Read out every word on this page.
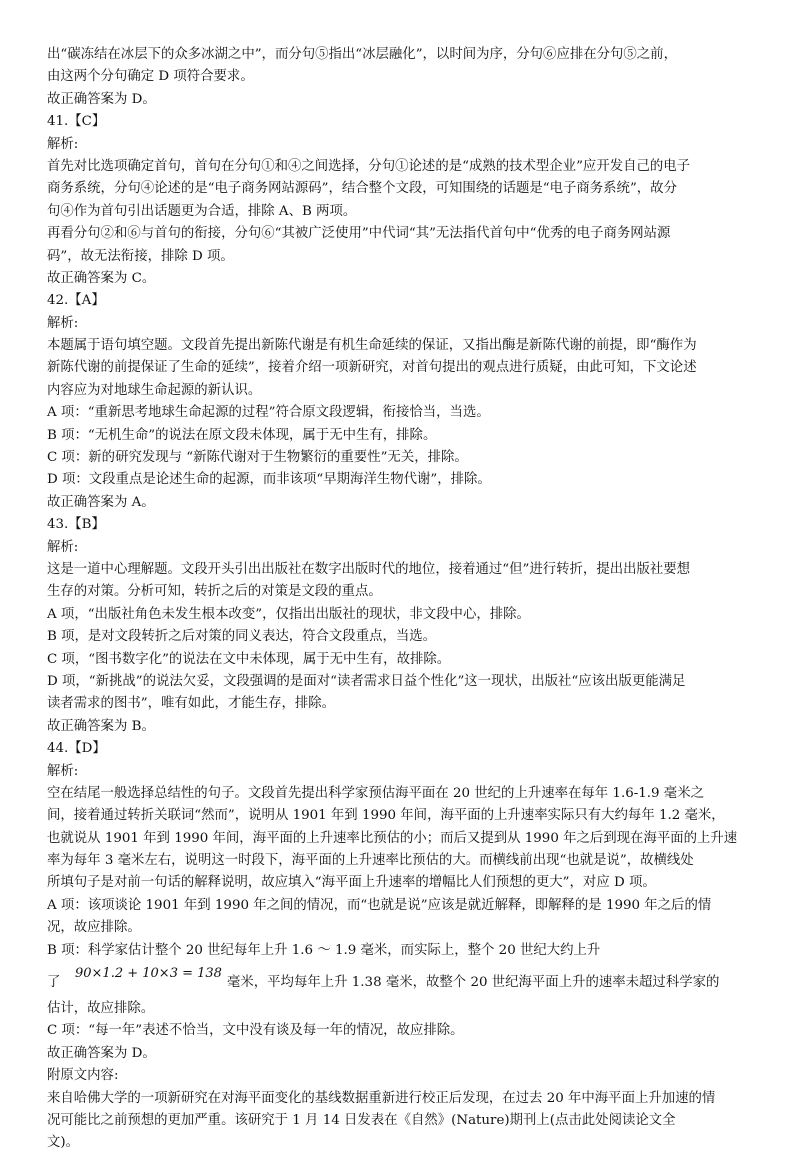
出“碳冻结在冰层下的众多冰湖之中”，而分句⑤指出“冰层融化”，以时间为序，分句⑥应排在分句⑤之前，
由这两个分句确定 D 项符合要求。
故正确答案为 D。
41.【C】
解析:
首先对比选项确定首句，首句在分句①和④之间选择，分句①论述的是“成熟的技术型企业”应开发自己的电子
商务系统，分句④论述的是“电子商务网站源码”，结合整个文段，可知围绕的话题是“电子商务系统”，故分
句④作为首句引出话题更为合适，排除 A、B 两项。
再看分句②和⑥与首句的衔接，分句⑥“其被广泛使用”中代词“其”无法指代首句中“优秀的电子商务网站源
码”，故无法衔接，排除 D 项。
故正确答案为 C。
42.【A】
解析:
本题属于语句填空题。文段首先提出新陈代谢是有机生命延续的保证，又指出酶是新陈代谢的前提，即“酶作为
新陈代谢的前提保证了生命的延续”，接着介绍一项新研究，对首句提出的观点进行质疑，由此可知，下文论述
内容应为对地球生命起源的新认识。
A 项：“重新思考地球生命起源的过程”符合原文段逻辑，衔接恰当，当选。
B 项：“无机生命”的说法在原文段未体现，属于无中生有，排除。
C 项：新的研究发现与 “新陈代谢对于生物繁衍的重要性”无关，排除。
D 项：文段重点是论述生命的起源，而非该项“早期海洋生物代谢”，排除。
故正确答案为 A。
43.【B】
解析:
这是一道中心理解题。文段开头引出出版社在数字出版时代的地位，接着通过“但”进行转折，提出出版社要想
生存的对策。分析可知，转折之后的对策是文段的重点。
A 项，“出版社角色未发生根本改变”，仅指出出版社的现状，非文段中心，排除。
B 项，是对文段转折之后对策的同义表达，符合文段重点，当选。
C 项，“图书数字化”的说法在文中未体现，属于无中生有，故排除。
D 项，“新挑战”的说法欠妥，文段强调的是面对“读者需求日益个性化”这一现状，出版社“应该出版更能满足
读者需求的图书”，唯有如此，才能生存，排除。
故正确答案为 B。
44.【D】
解析:
空在结尾一般选择总结性的句子。文段首先提出科学家预估海平面在 20 世纪的上升速率在每年 1.6-1.9 毫米之
间，接着通过转折关联词“然而”，说明从 1901 年到 1990 年间，海平面的上升速率实际只有大约每年 1.2 毫米，
也就说从 1901 年到 1990 年间，海平面的上升速率比预估的小；而后又提到从 1990 年之后到现在海平面的上升速
率为每年 3 毫米左右，说明这一时段下，海平面的上升速率比预估的大。而横线前出现“也就是说”，故横线处
所填句子是对前一句话的解释说明，故应填入“海平面上升速率的增幅比人们预想的更大”，对应 D 项。
A 项：该项谈论 1901 年到 1990 年之间的情况，而“也就是说”应该是就近解释，即解释的是 1990 年之后的情
况，故应排除。
B 项：科学家估计整个 20 世纪每年上升 1.6 ～ 1.9 毫米，而实际上，整个 20 世纪大约上升

了

90×1.2 + 10×3 = 138

毫米，平均每年上升 1.38 毫米，故整个 20 世纪海平面上升的速率未超过科学家的

估计，故应排除。
C 项：“每一年”表述不恰当，文中没有谈及每一年的情况，故应排除。
故正确答案为 D。
附原文内容:
来自哈佛大学的一项新研究在对海平面变化的基线数据重新进行校正后发现，在过去 20 年中海平面上升加速的情
况可能比之前预想的更加严重。该研究于 1 月 14 日发表在《自然》(Nature)期刊上(点击此处阅读论文全
文)。
